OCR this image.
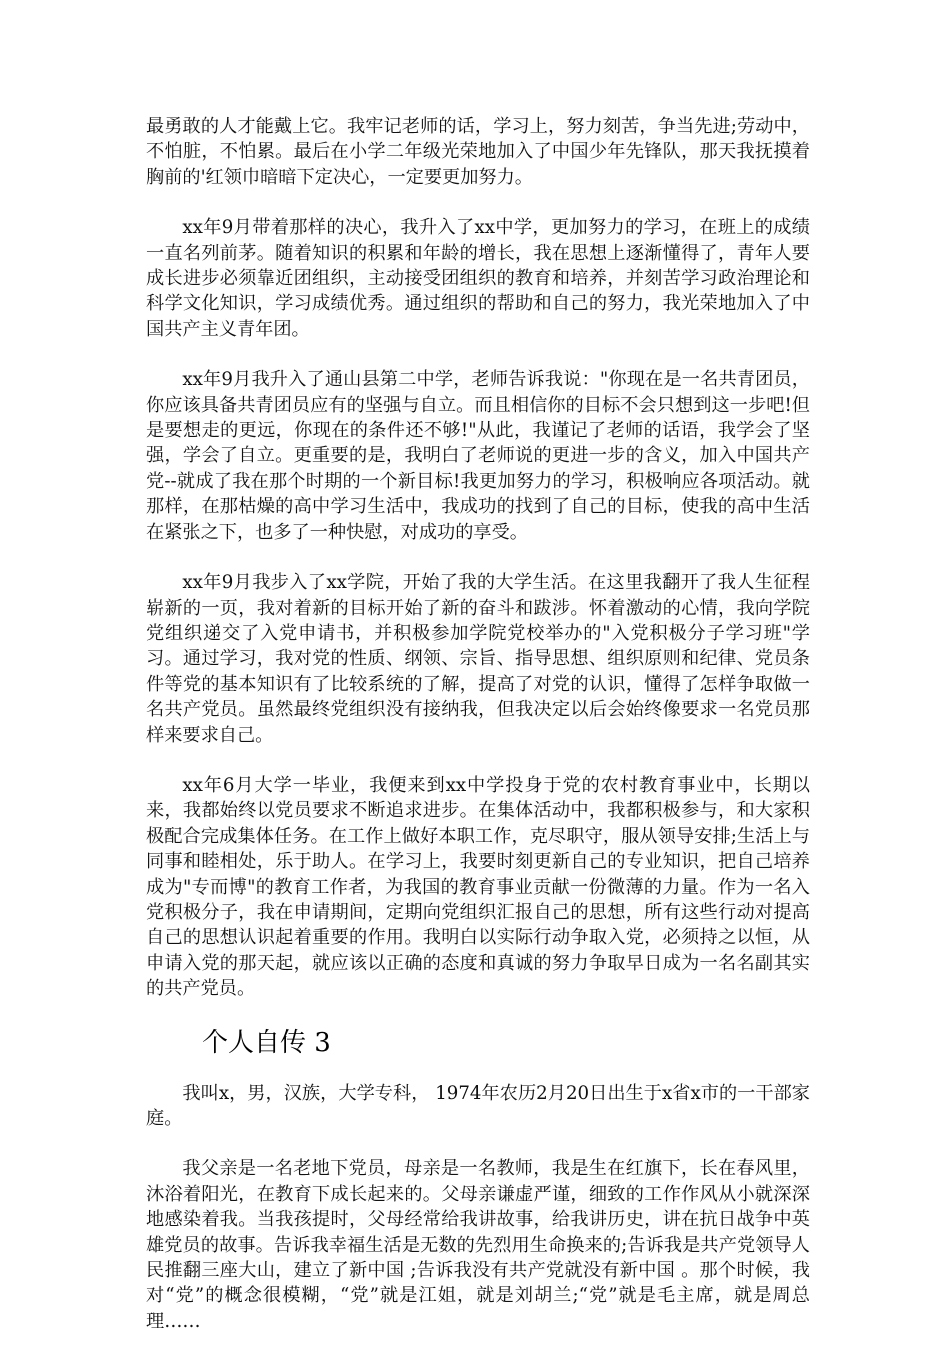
最勇敢的人才能戴上它。我牢记老师的话，学习上，努力刻苦，争当先进;劳动中，不怕脏，不怕累。最后在小学二年级光荣地加入了中国少年先锋队，那天我抚摸着胸前的'红领巾暗暗下定决心，一定要更加努力。

xx年9月带着那样的决心，我升入了xx中学，更加努力的学习，在班上的成绩一直名列前茅。随着知识的积累和年龄的增长，我在思想上逐渐懂得了，青年人要成长进步必须靠近团组织，主动接受团组织的教育和培养，并刻苦学习政治理论和科学文化知识，学习成绩优秀。通过组织的帮助和自己的努力，我光荣地加入了中国共产主义青年团。

xx年9月我升入了通山县第二中学，老师告诉我说："你现在是一名共青团员，你应该具备共青团员应有的坚强与自立。而且相信你的目标不会只想到这一步吧!但是要想走的更远，你现在的条件还不够!"从此，我谨记了老师的话语，我学会了坚强，学会了自立。更重要的是，我明白了老师说的更进一步的含义，加入中国共产党--就成了我在那个时期的一个新目标!我更加努力的学习，积极响应各项活动。就那样，在那枯燥的高中学习生活中，我成功的找到了自己的目标，使我的高中生活在紧张之下，也多了一种快慰，对成功的享受。

xx年9月我步入了xx学院，开始了我的大学生活。在这里我翻开了我人生征程崭新的一页，我对着新的目标开始了新的奋斗和跋涉。怀着激动的心情，我向学院党组织递交了入党申请书，并积极参加学院党校举办的"入党积极分子学习班"学习。通过学习，我对党的性质、纲领、宗旨、指导思想、组织原则和纪律、党员条件等党的基本知识有了比较系统的了解，提高了对党的认识，懂得了怎样争取做一名共产党员。虽然最终党组织没有接纳我，但我决定以后会始终像要求一名党员那样来要求自己。

xx年6月大学一毕业，我便来到xx中学投身于党的农村教育事业中，长期以来，我都始终以党员要求不断追求进步。在集体活动中，我都积极参与，和大家积极配合完成集体任务。在工作上做好本职工作，克尽职守，服从领导安排;生活上与同事和睦相处，乐于助人。在学习上，我要时刻更新自己的专业知识，把自己培养成为"专而博"的教育工作者，为我国的教育事业贡献一份微薄的力量。作为一名入党积极分子，我在申请期间，定期向党组织汇报自己的思想，所有这些行动对提高自己的思想认识起着重要的作用。我明白以实际行动争取入党，必须持之以恒，从申请入党的那天起，就应该以正确的态度和真诚的努力争取早日成为一名名副其实的共产党员。

个人自传 3

我叫x，男，汉族，大学专科， 1974年农历2月20日出生于x省x市的一干部家庭。

我父亲是一名老地下党员，母亲是一名教师，我是生在红旗下，长在春风里，沐浴着阳光，在教育下成长起来的。父母亲谦虚严谨，细致的工作作风从小就深深地感染着我。当我孩提时，父母经常给我讲故事，给我讲历史，讲在抗日战争中英雄党员的故事。告诉我幸福生活是无数的先烈用生命换来的;告诉我是共产党领导人民推翻三座大山，建立了新中国 ;告诉我没有共产党就没有新中国 。那个时候，我对“党”的概念很模糊，“党”就是江姐，就是刘胡兰;“党”就是毛主席，就是周总理……
